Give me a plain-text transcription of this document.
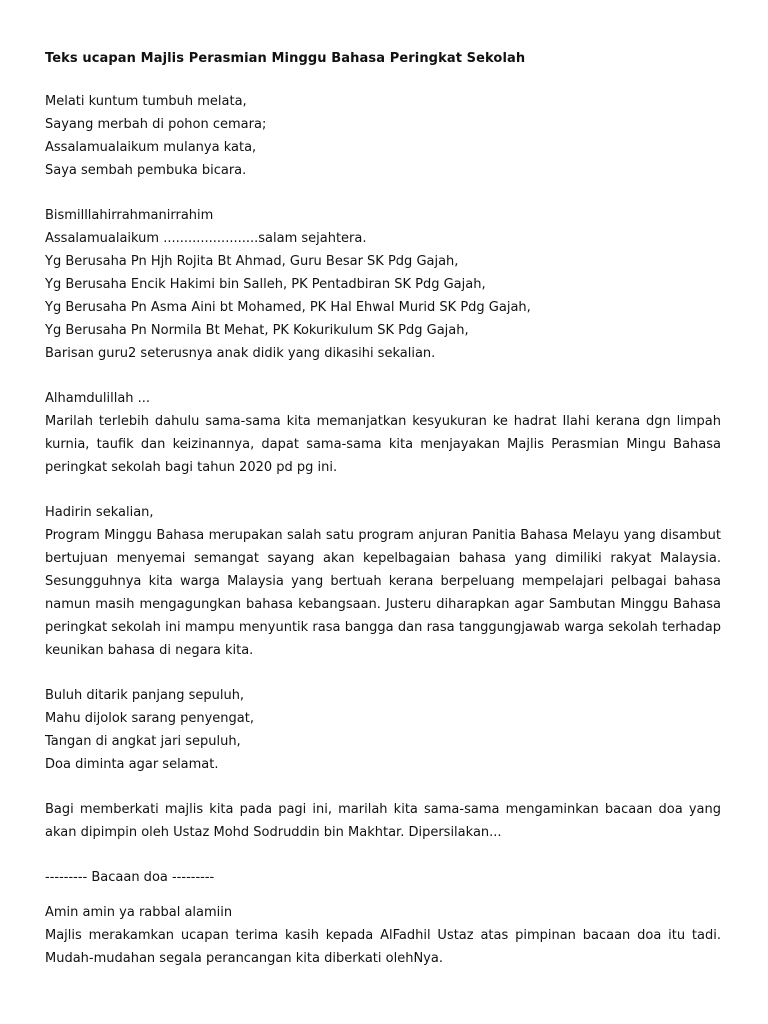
Teks ucapan Majlis Perasmian Minggu Bahasa Peringkat Sekolah
Melati kuntum tumbuh melata,
Sayang merbah di pohon cemara;
Assalamualaikum mulanya kata,
Saya sembah pembuka bicara.
Bismilllahirrahmanirrahim
Assalamualaikum .......................salam sejahtera.
Yg Berusaha Pn Hjh Rojita Bt Ahmad, Guru Besar SK Pdg Gajah,
Yg Berusaha Encik Hakimi bin Salleh, PK Pentadbiran SK Pdg Gajah,
Yg Berusaha Pn Asma Aini bt Mohamed, PK Hal Ehwal Murid SK Pdg Gajah,
Yg Berusaha Pn Normila Bt Mehat, PK Kokurikulum SK Pdg Gajah,
Barisan guru2 seterusnya anak didik yang dikasihi sekalian.
Alhamdulillah ...
Marilah terlebih dahulu sama-sama kita memanjatkan kesyukuran ke hadrat Ilahi kerana dgn limpah kurnia, taufik dan keizinannya, dapat sama-sama kita menjayakan Majlis Perasmian Mingu Bahasa peringkat sekolah bagi tahun 2020 pd pg ini.
Hadirin sekalian,
Program Minggu Bahasa merupakan salah satu program anjuran Panitia Bahasa Melayu yang disambut bertujuan menyemai semangat sayang akan kepelbagaian bahasa yang dimiliki rakyat Malaysia. Sesungguhnya kita warga Malaysia yang bertuah kerana berpeluang mempelajari pelbagai bahasa namun masih mengagungkan bahasa kebangsaan. Justeru diharapkan agar Sambutan Minggu Bahasa peringkat sekolah ini mampu menyuntik rasa bangga dan rasa tanggungjawab warga sekolah terhadap keunikan bahasa di negara kita.
Buluh ditarik panjang sepuluh,
Mahu dijolok sarang penyengat,
Tangan di angkat jari sepuluh,
Doa diminta agar selamat.
Bagi memberkati majlis kita pada pagi ini, marilah kita sama-sama mengaminkan bacaan doa yang akan dipimpin oleh Ustaz Mohd Sodruddin bin Makhtar. Dipersilakan...
--------- Bacaan doa ---------
Amin amin ya rabbal alamiin
Majlis merakamkan ucapan terima kasih kepada AlFadhil Ustaz atas pimpinan bacaan doa itu tadi. Mudah-mudahan segala perancangan kita diberkati olehNya.
